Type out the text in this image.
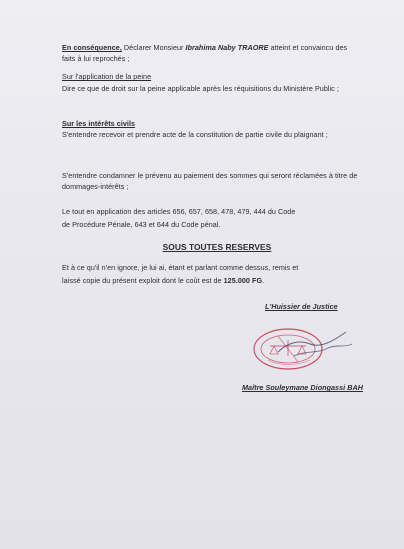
En conséquence, Déclarer Monsieur Ibrahima Naby TRAORE atteint et convaincu des faits à lui reprochés ;
Sur l'application de la peine
Dire ce que de droit sur la peine applicable après les réquisitions du Ministère Public ;
Sur les intérêts civils
S'entendre recevoir et prendre acte de la constitution de partie civile du plaignant ;
S'entendre condamner le prévenu au paiement des sommes qui seront réclamées à titre de dommages-intérêts ;
Le tout en application des articles 656, 657, 658, 478, 479, 444 du Code
de Procédure Pénale, 643 et 644 du Code pénal.
SOUS TOUTES RESERVES
Et à ce qu'il n'en ignore, je lui ai, étant et parlant comme dessus, remis et
laissé copie du présent exploit dont le coût est de 125.000 FG.
L'Huissier de Justice
Maître Souleymane Diongassi BAH
